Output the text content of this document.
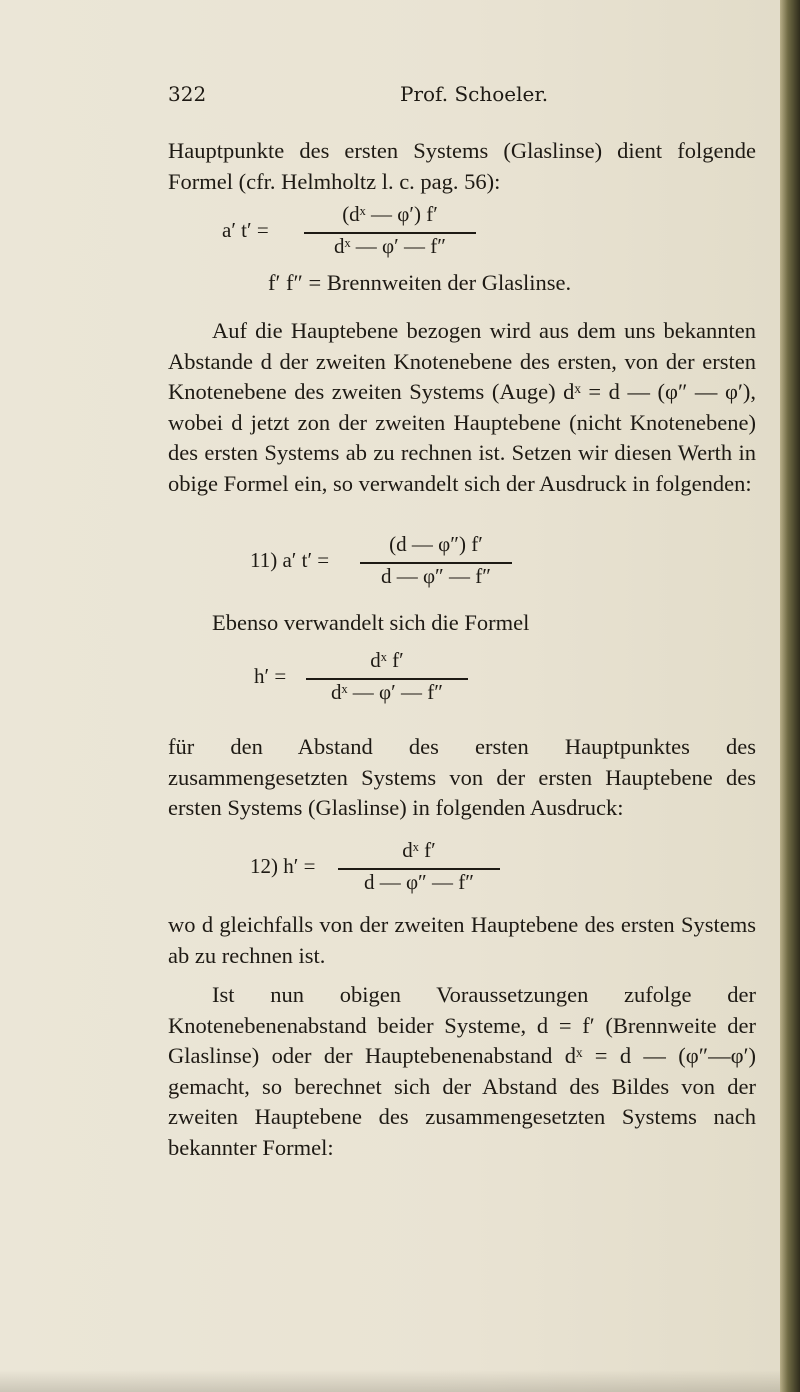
322	Prof. Schoeler.

Hauptpunkte des ersten Systems (Glaslinse) dient folgende Formel (cfr. Helmholtz l. c. pag. 56):

a′ t′ =
(dˣ — φ′) f′
dˣ — φ′ — f″
f′ f″ = Brennweiten der Glaslinse.

Auf die Hauptebene bezogen wird aus dem uns bekannten Abstande d der zweiten Knotenebene des ersten, von der ersten Knotenebene des zweiten Systems (Auge) dˣ = d — (φ″ — φ′), wobei d jetzt zon der zweiten Hauptebene (nicht Knotenebene) des ersten Systems ab zu rechnen ist. Setzen wir diesen Werth in obige Formel ein, so verwandelt sich der Ausdruck in folgenden:

11) a′ t′ =
(d — φ″) f′
d — φ″ — f″

Ebenso verwandelt sich die Formel

h′ =
dˣ f′
dˣ — φ′ — f″

für den Abstand des ersten Hauptpunktes des zusammengesetzten Systems von der ersten Hauptebene des ersten Systems (Glaslinse) in folgenden Ausdruck:

12) h′ =
dˣ f′
d — φ″ — f″

wo d gleichfalls von der zweiten Hauptebene des ersten Systems ab zu rechnen ist.

Ist nun obigen Voraussetzungen zufolge der Knotenebenenabstand beider Systeme, d = f′ (Brennweite der Glaslinse) oder der Hauptebenenabstand dˣ = d — (φ″—φ′) gemacht, so berechnet sich der Abstand des Bildes von der zweiten Hauptebene des zusammengesetzten Systems nach bekannter Formel:
